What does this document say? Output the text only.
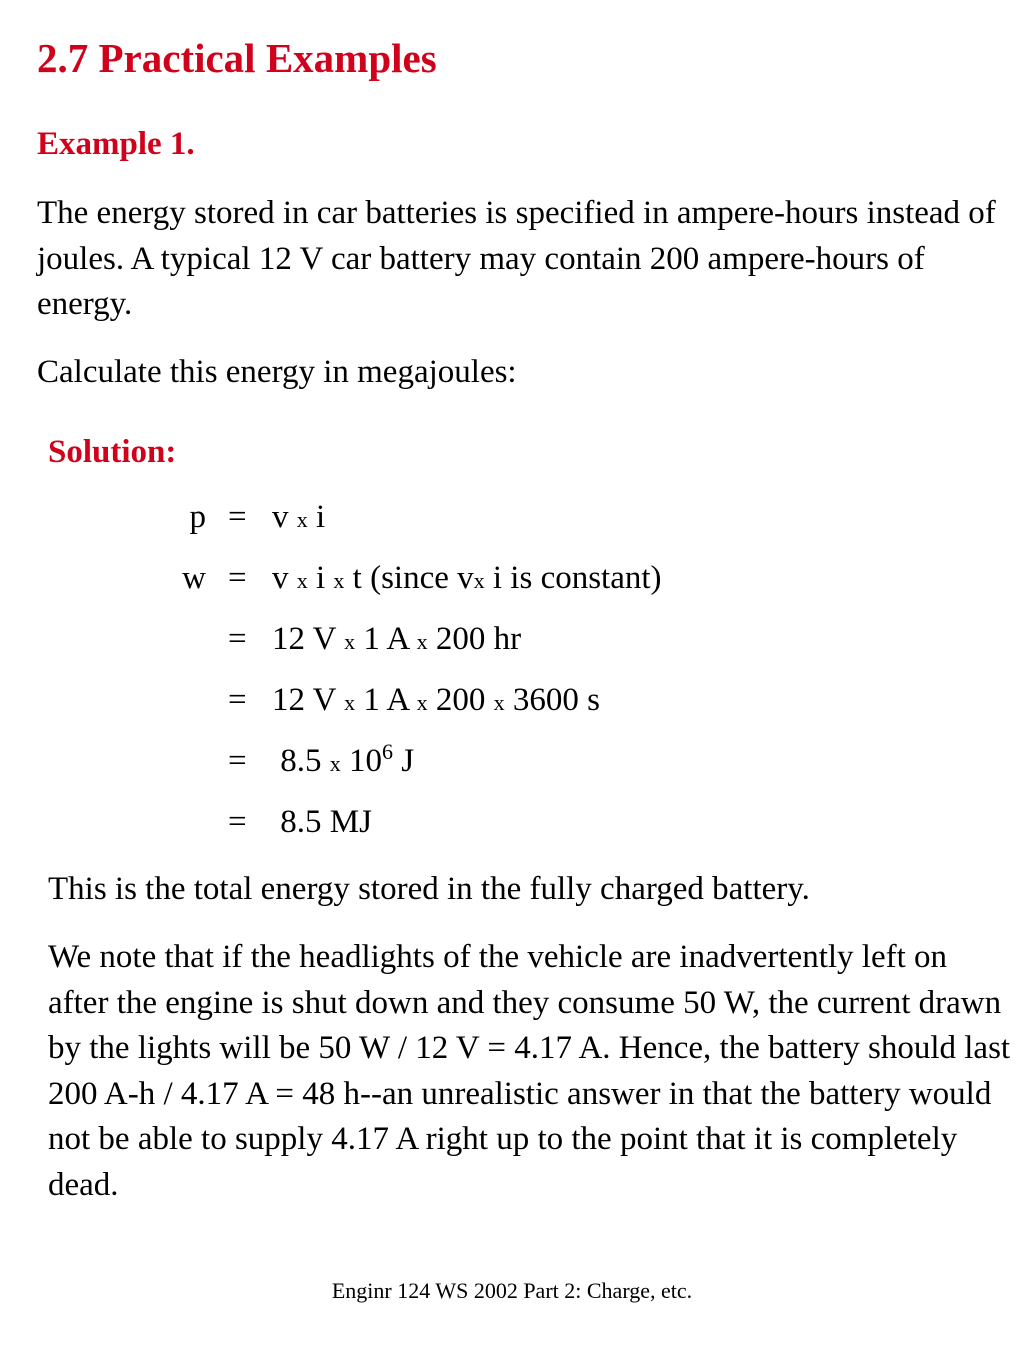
2.7 Practical Examples
Example 1.
The energy stored in car batteries is specified in ampere-hours instead of joules. A typical 12 V car battery may contain 200 ampere-hours of energy.
Calculate this energy in megajoules:
Solution:
p = v x i
w = v x i x t (since vx i is constant)
= 12 V x 1 A x 200 hr
= 12 V x 1 A x 200 x 3600 s
= 8.5 x $10^6$ J
= 8.5 MJ
This is the total energy stored in the fully charged battery.
We note that if the headlights of the vehicle are inadvertently left on after the engine is shut down and they consume 50 W, the current drawn by the lights will be 50 W / 12 V = 4.17 A. Hence, the battery should last 200 A-h / 4.17 A = 48 h--an unrealistic answer in that the battery would not be able to supply 4.17 A right up to the point that it is completely dead.
Enginr 124 WS 2002 Part 2: Charge, etc.
